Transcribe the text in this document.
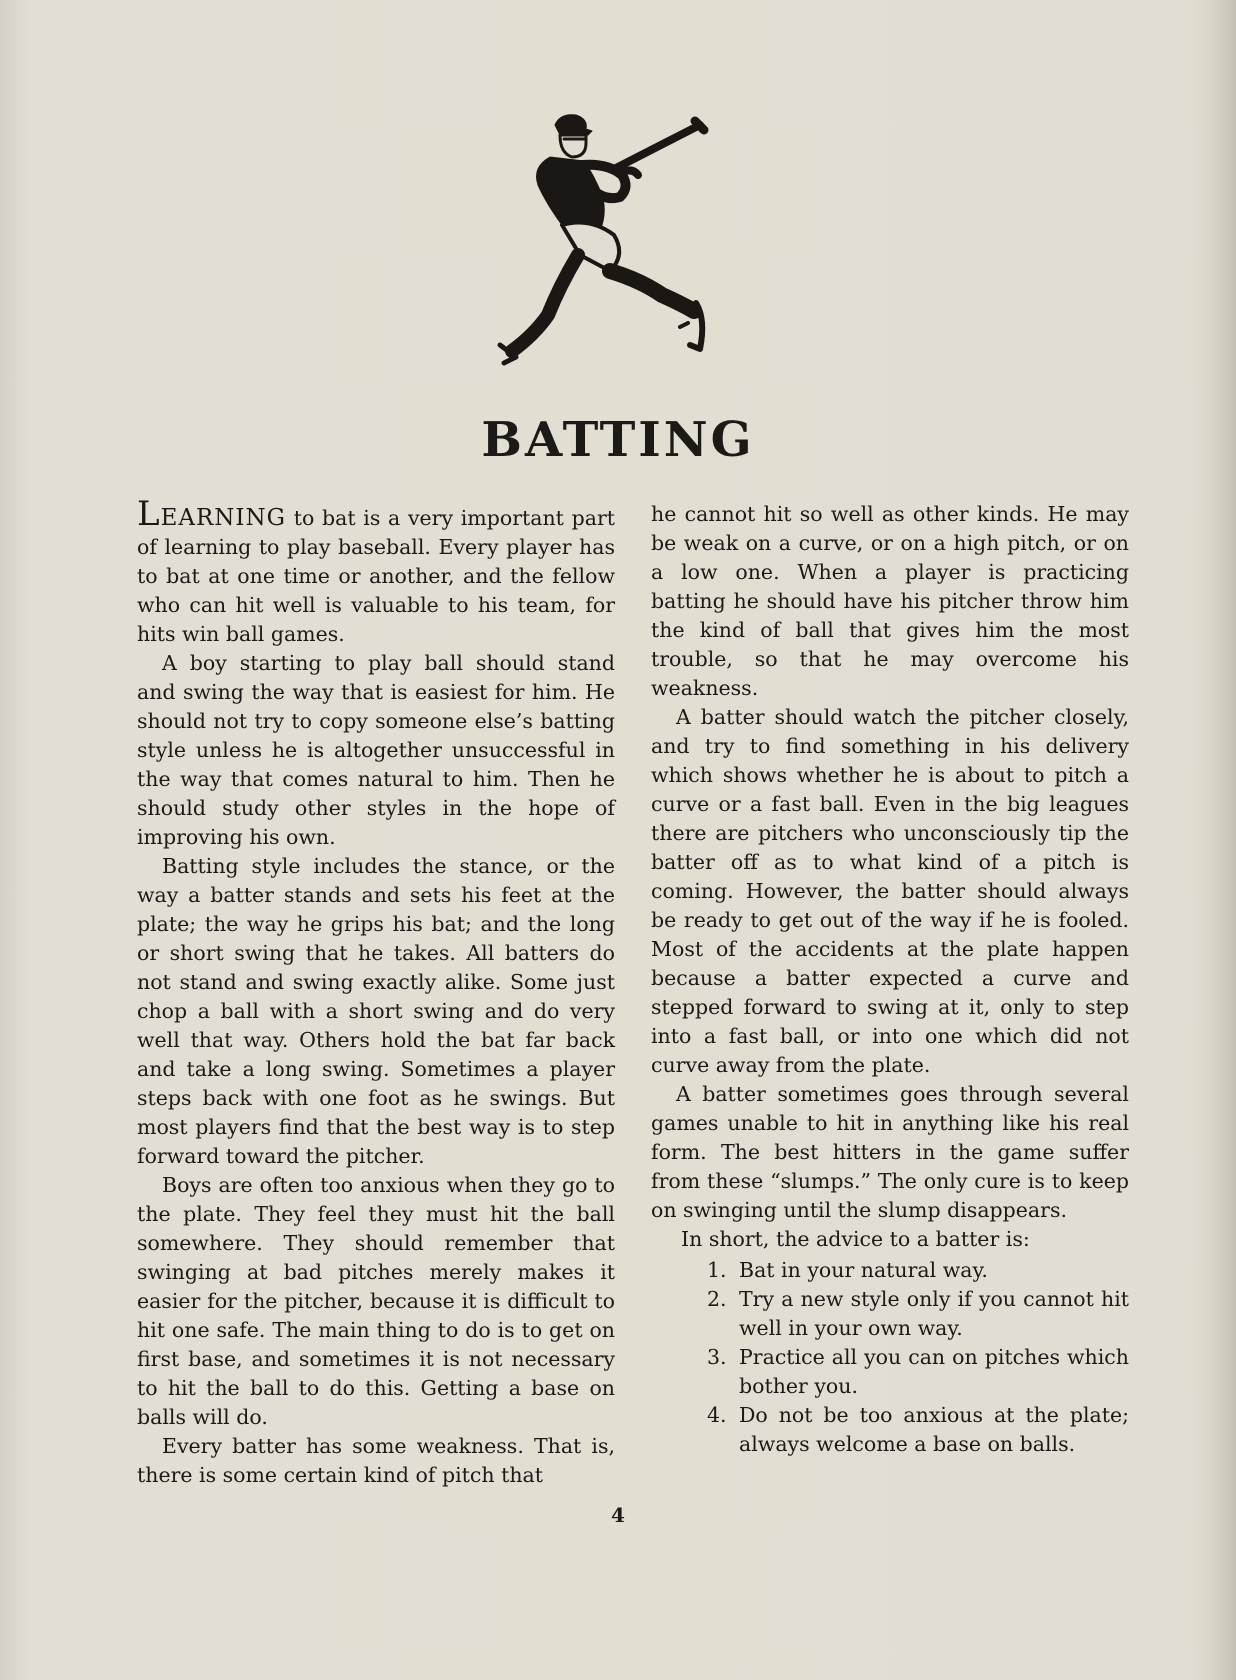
BATTING

LEARNING to bat is a very important part of learning to play baseball. Every player has to bat at one time or another, and the fellow who can hit well is valuable to his team, for hits win ball games.

A boy starting to play ball should stand and swing the way that is easiest for him. He should not try to copy someone else’s batting style unless he is altogether unsuccessful in the way that comes natural to him. Then he should study other styles in the hope of improving his own.

Batting style includes the stance, or the way a batter stands and sets his feet at the plate; the way he grips his bat; and the long or short swing that he takes. All batters do not stand and swing exactly alike. Some just chop a ball with a short swing and do very well that way. Others hold the bat far back and take a long swing. Sometimes a player steps back with one foot as he swings. But most players find that the best way is to step forward toward the pitcher.

Boys are often too anxious when they go to the plate. They feel they must hit the ball somewhere. They should remember that swinging at bad pitches merely makes it easier for the pitcher, because it is difficult to hit one safe. The main thing to do is to get on first base, and sometimes it is not necessary to hit the ball to do this. Getting a base on balls will do.

Every batter has some weakness. That is, there is some certain kind of pitch that

he cannot hit so well as other kinds. He may be weak on a curve, or on a high pitch, or on a low one. When a player is practicing batting he should have his pitcher throw him the kind of ball that gives him the most trouble, so that he may overcome his weakness.

A batter should watch the pitcher closely, and try to find something in his delivery which shows whether he is about to pitch a curve or a fast ball. Even in the big leagues there are pitchers who unconsciously tip the batter off as to what kind of a pitch is coming. However, the batter should always be ready to get out of the way if he is fooled. Most of the accidents at the plate happen because a batter expected a curve and stepped forward to swing at it, only to step into a fast ball, or into one which did not curve away from the plate.

A batter sometimes goes through several games unable to hit in anything like his real form. The best hitters in the game suffer from these “slumps.” The only cure is to keep on swinging until the slump disappears.

In short, the advice to a batter is:

1. Bat in your natural way.
2. Try a new style only if you cannot hit well in your own way.
3. Practice all you can on pitches which bother you.
4. Do not be too anxious at the plate; always welcome a base on balls.
4
